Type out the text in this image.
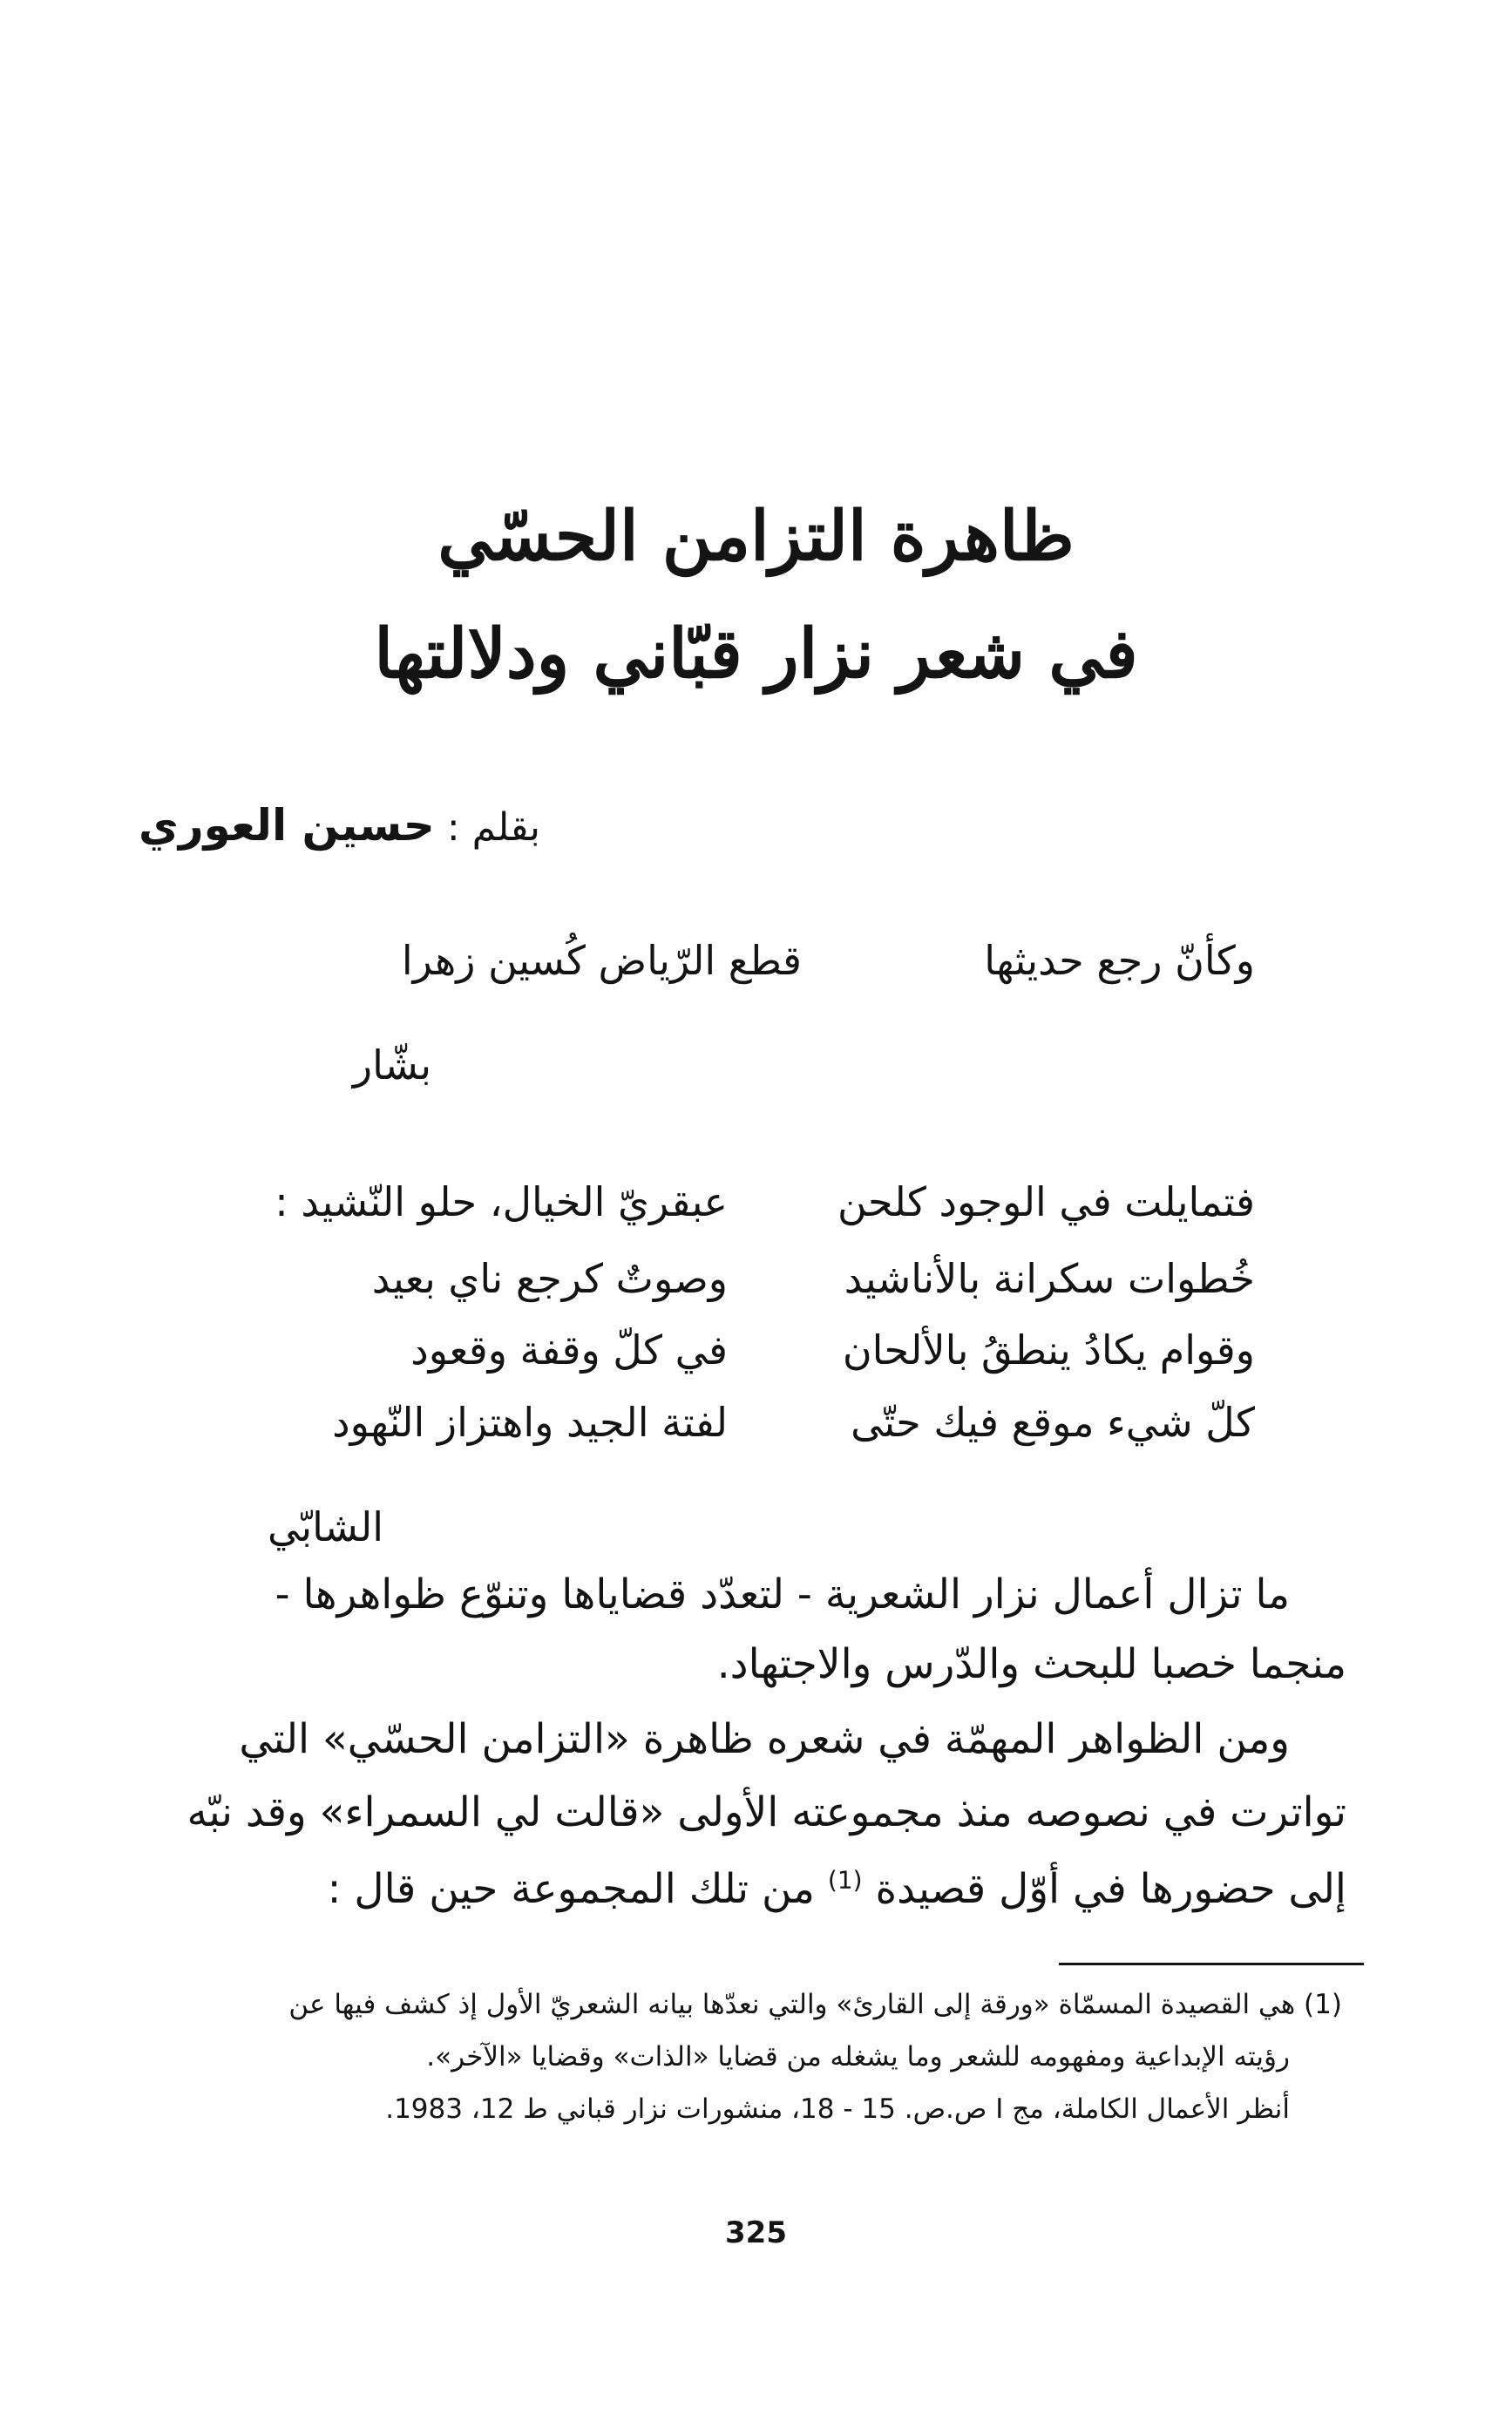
ظاهرة التزامن الحسّي
في شعر نزار قبّاني ودلالتها
بقلم : حسين العوري
وكأنّ رجع حديثها
قطع الرّياض كُسين زهرا
بشّار
فتمايلت في الوجود كلحن
عبقريّ الخيال، حلو النّشيد :
خُطوات سكرانة بالأناشيد
وصوتٌ كرجع ناي بعيد
وقوام يكادُ ينطقُ بالألحان
في كلّ وقفة وقعود
كلّ شيء موقع فيك حتّى
لفتة الجيد واهتزاز النّهود
الشابّي
ما تزال أعمال نزار الشعرية - لتعدّد قضاياها وتنوّع ظواهرها -
منجما خصبا للبحث والدّرس والاجتهاد.
ومن الظواهر المهمّة في شعره ظاهرة «التزامن الحسّي» التي
تواترت في نصوصه منذ مجموعته الأولى «قالت لي السمراء» وقد نبّه
إلى حضورها في أوّل قصيدة $^{(1)}$ من تلك المجموعة حين قال :
(1) هي القصيدة المسمّاة «ورقة إلى القارئ» والتي نعدّها بيانه الشعريّ الأول إذ كشف فيها عن
رؤيته الإبداعية ومفهومه للشعر وما يشغله من قضايا «الذات» وقضايا «الآخر».
أنظر الأعمال الكاملة، مج I ص.ص. 15 - 18، منشورات نزار قباني ط 12، 1983.
325
